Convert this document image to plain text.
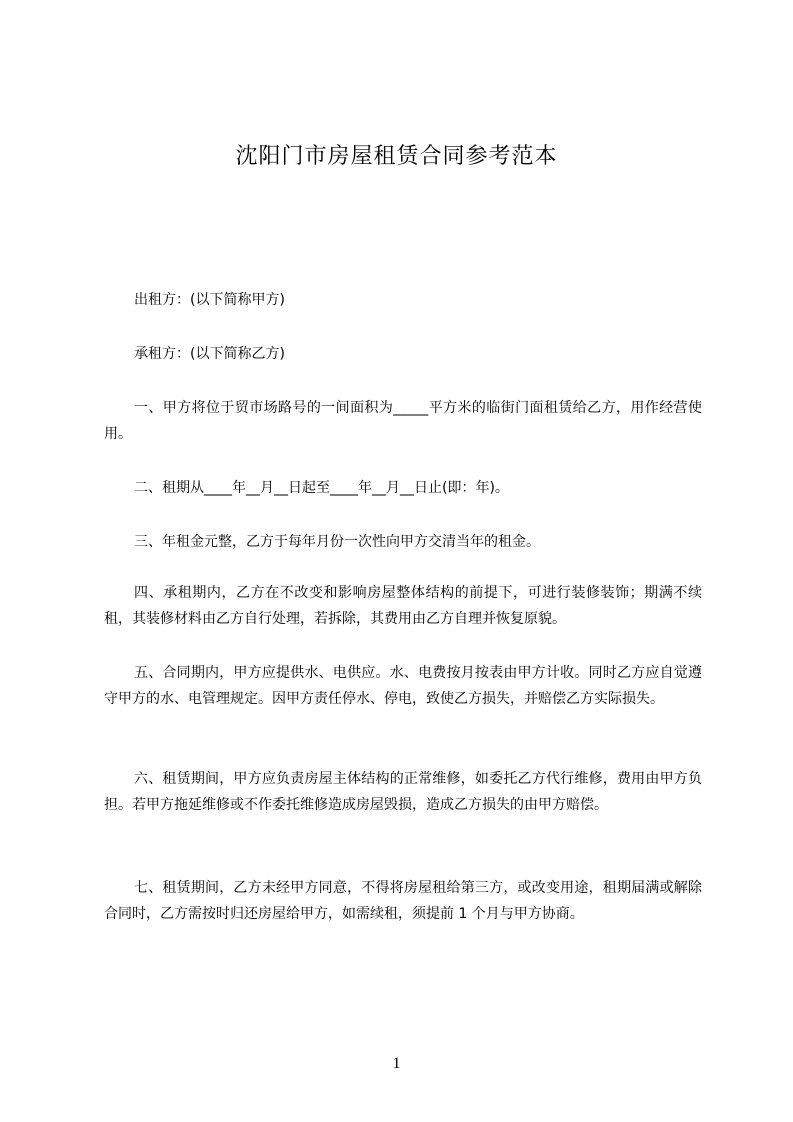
沈阳门市房屋租赁合同参考范本

出租方：(以下简称甲方)

承租方：(以下简称乙方)

一、甲方将位于贸市场路号的一间面积为_____平方米的临街门面租赁给乙方，用作经营使用。

二、租期从____年__月__日起至____年__月__日止(即：年)。

三、年租金元整，乙方于每年月份一次性向甲方交清当年的租金。

四、承租期内，乙方在不改变和影响房屋整体结构的前提下，可进行装修装饰；期满不续租，其装修材料由乙方自行处理，若拆除，其费用由乙方自理并恢复原貌。

五、合同期内，甲方应提供水、电供应。水、电费按月按表由甲方计收。同时乙方应自觉遵守甲方的水、电管理规定。因甲方责任停水、停电，致使乙方损失，并赔偿乙方实际损失。

六、租赁期间，甲方应负责房屋主体结构的正常维修，如委托乙方代行维修，费用由甲方负担。若甲方拖延维修或不作委托维修造成房屋毁损，造成乙方损失的由甲方赔偿。

七、租赁期间，乙方未经甲方同意，不得将房屋租给第三方，或改变用途，租期届满或解除合同时，乙方需按时归还房屋给甲方，如需续租，须提前 1 个月与甲方协商。

1
